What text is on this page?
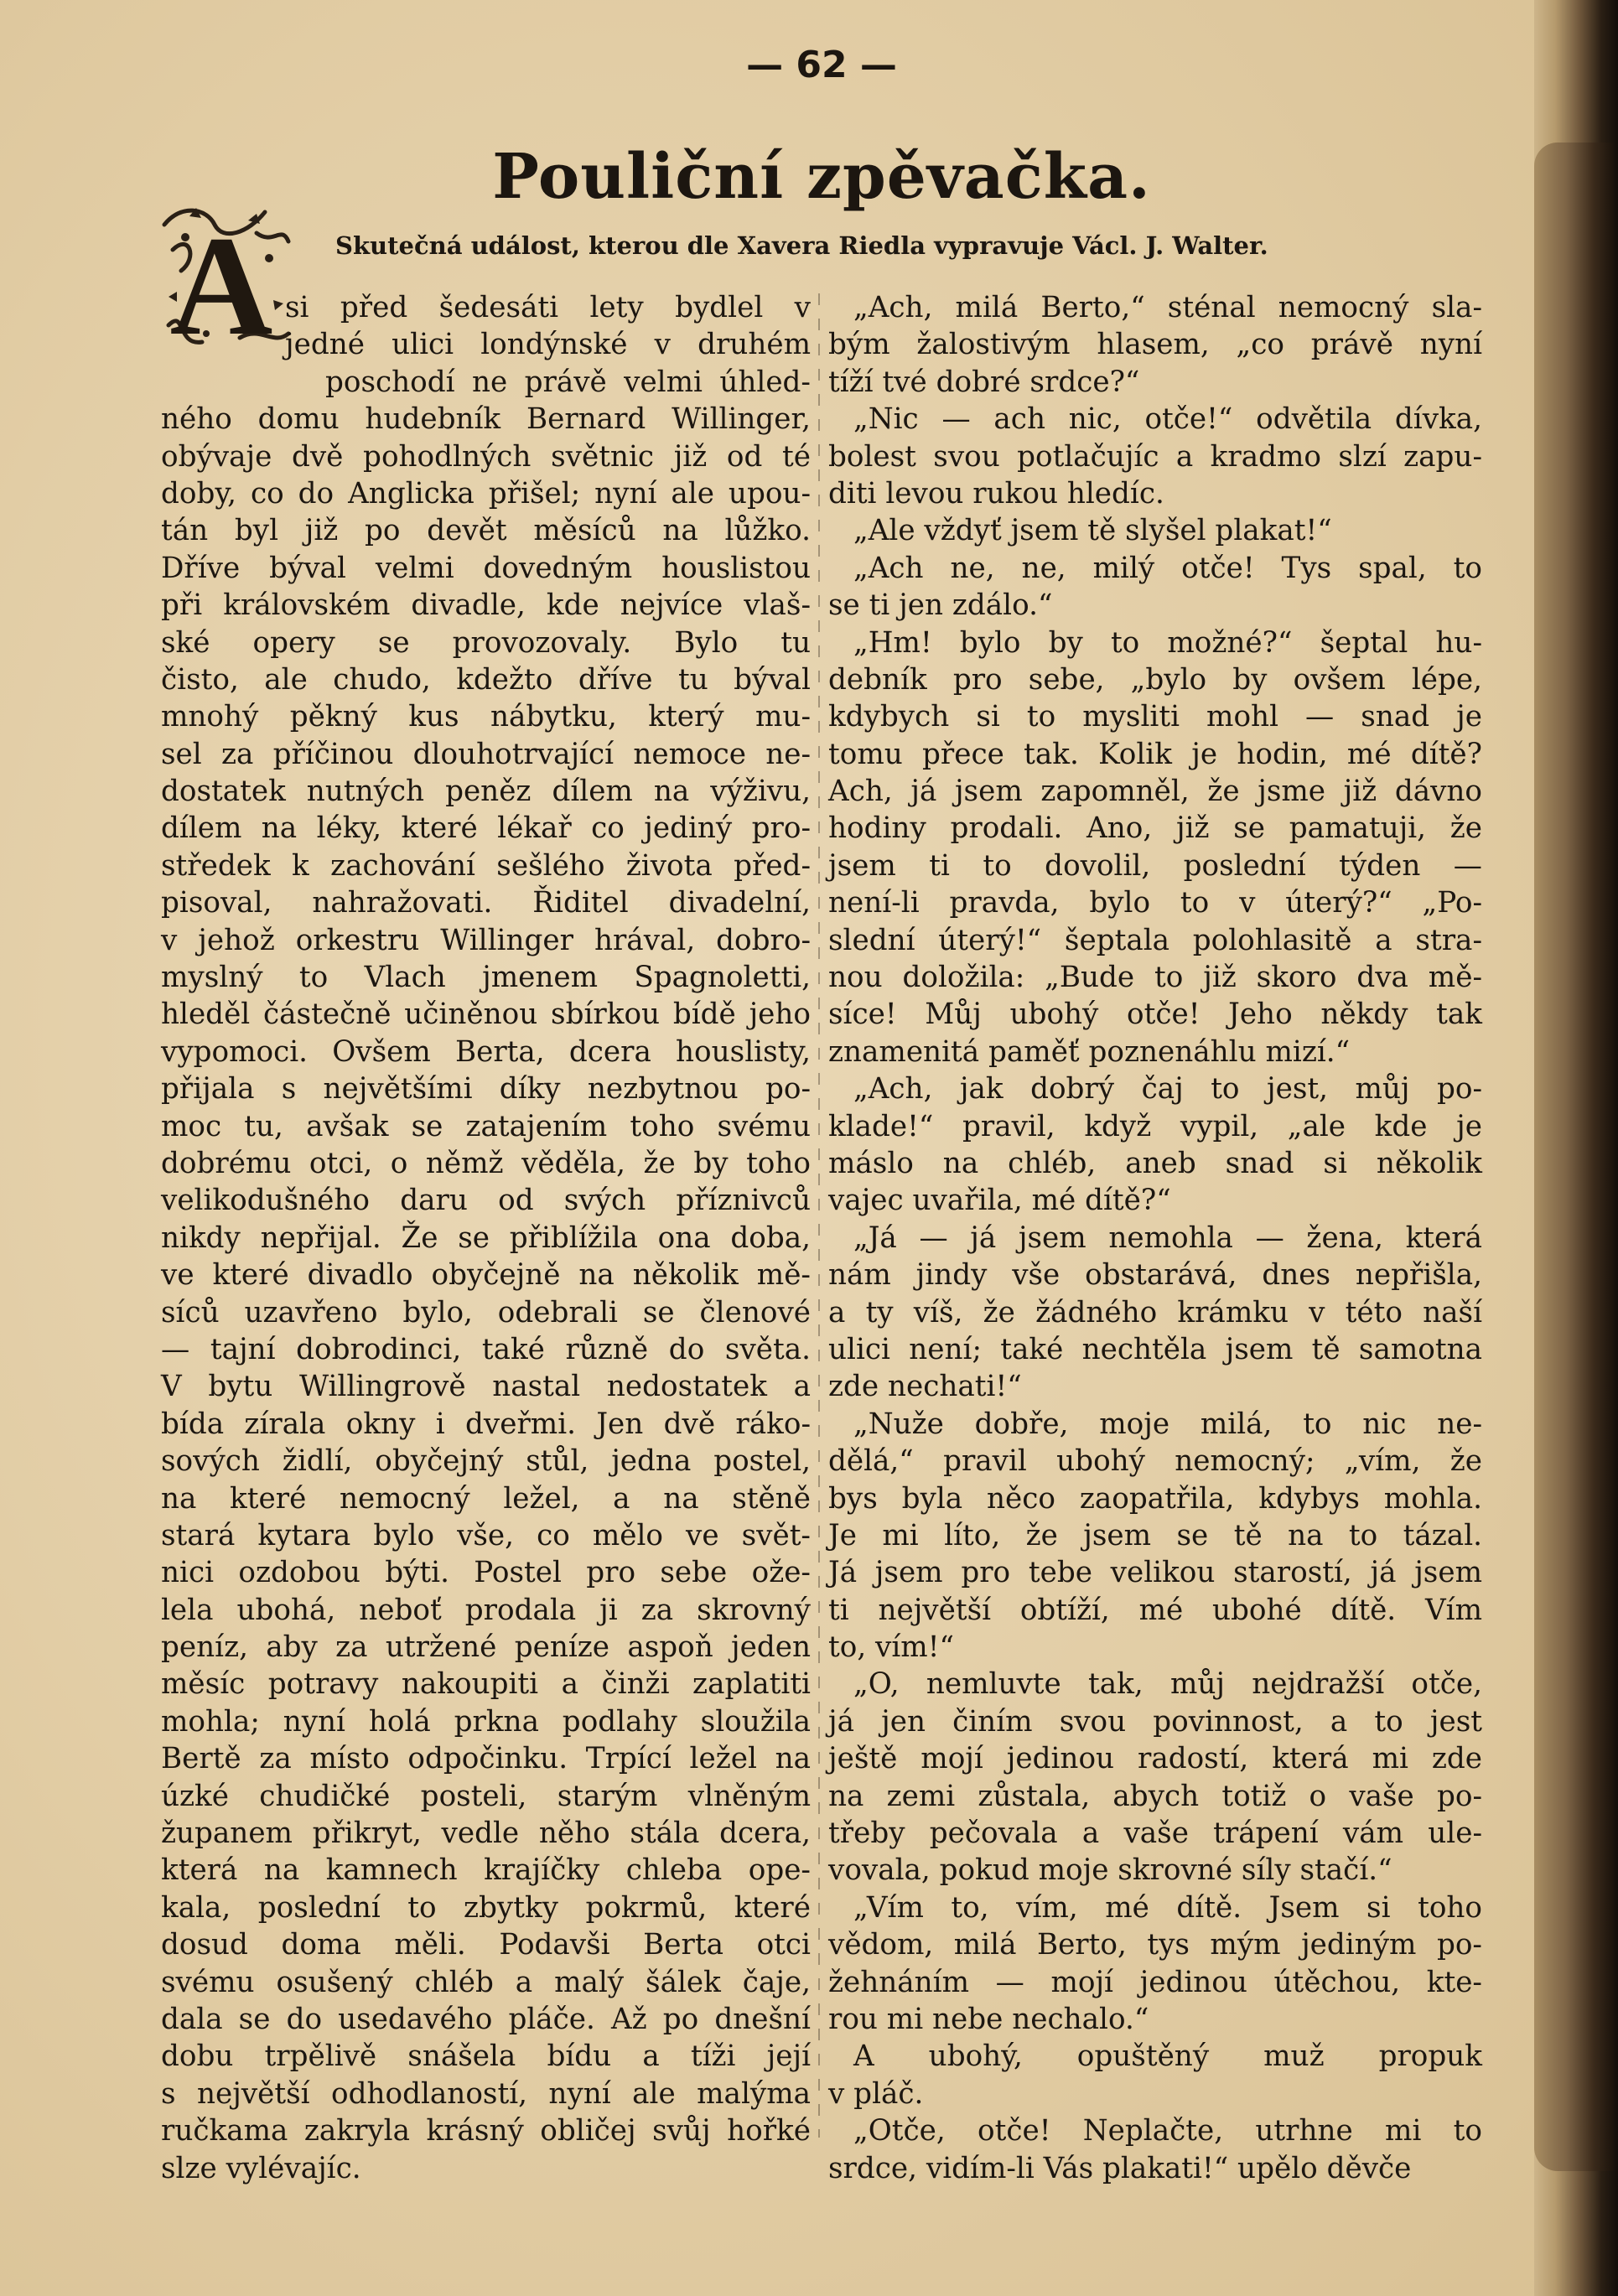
— 62 —
Pouliční zpěvačka.
A	Skutečná událost, kterou dle Xavera Riedla vypravuje Václ. J. Walter.
si před šedesáti lety bydlel v
jedné ulici londýnské v druhém
poschodí ne právě velmi úhled-
ného domu hudebník Bernard Willinger,
obývaje dvě pohodlných světnic již od té
doby, co do Anglicka přišel; nyní ale upou-
tán byl již po devět měsíců na lůžko.
Dříve býval velmi dovedným houslistou
při královském divadle, kde nejvíce vlaš-
ské opery se provozovaly. Bylo tu
čisto, ale chudo, kdežto dříve tu býval
mnohý pěkný kus nábytku, který mu-
sel za příčinou dlouhotrvající nemoce ne-
dostatek nutných peněz dílem na výživu,
dílem na léky, které lékař co jediný pro-
středek k zachování sešlého života před-
pisoval, nahražovati. Řiditel divadelní,
v jehož orkestru Willinger hrával, dobro-
myslný to Vlach jmenem Spagnoletti,
hleděl částečně učiněnou sbírkou bídě jeho
vypomoci. Ovšem Berta, dcera houslisty,
přijala s největšími díky nezbytnou po-
moc tu, avšak se zatajením toho svému
dobrému otci, o němž věděla, že by toho
velikodušného daru od svých příznivců
nikdy nepřijal. Že se přiblížila ona doba,
ve které divadlo obyčejně na několik mě-
síců uzavřeno bylo, odebrali se členové
— tajní dobrodinci, také různě do světa.
V bytu Willingrově nastal nedostatek a
bída zírala okny i dveřmi. Jen dvě ráko-
sových židlí, obyčejný stůl, jedna postel,
na které nemocný ležel, a na stěně
stará kytara bylo vše, co mělo ve svět-
nici ozdobou býti. Postel pro sebe ože-
lela ubohá, neboť prodala ji za skrovný
peníz, aby za utržené peníze aspoň jeden
měsíc potravy nakoupiti a činži zaplatiti
mohla; nyní holá prkna podlahy sloužila
Bertě za místo odpočinku. Trpící ležel na
úzké chudičké posteli, starým vlněným
županem přikryt, vedle něho stála dcera,
která na kamnech krajíčky chleba ope-
kala, poslední to zbytky pokrmů, které
dosud doma měli. Podavši Berta otci
svému osušený chléb a malý šálek čaje,
dala se do usedavého pláče. Až po dnešní
dobu trpělivě snášela bídu a tíži její
s největší odhodlaností, nyní ale malýma
ručkama zakryla krásný obličej svůj hořké
slze vylévajíc.
„Ach, milá Berto,“ sténal nemocný sla-
bým žalostivým hlasem, „co právě nyní
tíží tvé dobré srdce?“
„Nic — ach nic, otče!“ odvětila dívka,
bolest svou potlačujíc a kradmo slzí zapu-
diti levou rukou hledíc.
„Ale vždyť jsem tě slyšel plakat!“
„Ach ne, ne, milý otče! Tys spal, to
se ti jen zdálo.“
„Hm! bylo by to možné?“ šeptal hu-
debník pro sebe, „bylo by ovšem lépe,
kdybych si to mysliti mohl — snad je
tomu přece tak. Kolik je hodin, mé dítě?
Ach, já jsem zapomněl, že jsme již dávno
hodiny prodali. Ano, již se pamatuji, že
jsem ti to dovolil, poslední týden —
není-li pravda, bylo to v úterý?“ „Po-
slední úterý!“ šeptala polohlasitě a stra-
nou doložila: „Bude to již skoro dva mě-
síce! Můj ubohý otče! Jeho někdy tak
znamenitá paměť poznenáhlu mizí.“
„Ach, jak dobrý čaj to jest, můj po-
klade!“ pravil, když vypil, „ale kde je
máslo na chléb, aneb snad si několik
vajec uvařila, mé dítě?“
„Já — já jsem nemohla — žena, která
nám jindy vše obstarává, dnes nepřišla,
a ty víš, že žádného krámku v této naší
ulici není; také nechtěla jsem tě samotna
zde nechati!“
„Nuže dobře, moje milá, to nic ne-
dělá,“ pravil ubohý nemocný; „vím, že
bys byla něco zaopatřila, kdybys mohla.
Je mi líto, že jsem se tě na to tázal.
Já jsem pro tebe velikou starostí, já jsem
ti největší obtíží, mé ubohé dítě. Vím
to, vím!“
„O, nemluvte tak, můj nejdražší otče,
já jen činím svou povinnost, a to jest
ještě mojí jedinou radostí, která mi zde
na zemi zůstala, abych totiž o vaše po-
třeby pečovala a vaše ⁠trápení vám ule-
vovala, pokud moje skrovné síly stačí.“
„Vím to, vím, mé dítě. Jsem si toho
vědom, milá Berto, tys mým jediným po-
žehnáním — mojí jedinou útěchou, kte-
rou mi nebe nechalo.“
A ubohý, opuštěný muž propuk
v pláč.
„Otče, otče! Neplačte, utrhne mi to
srdce, vidím-li Vás plakati!“ upělo děvče
